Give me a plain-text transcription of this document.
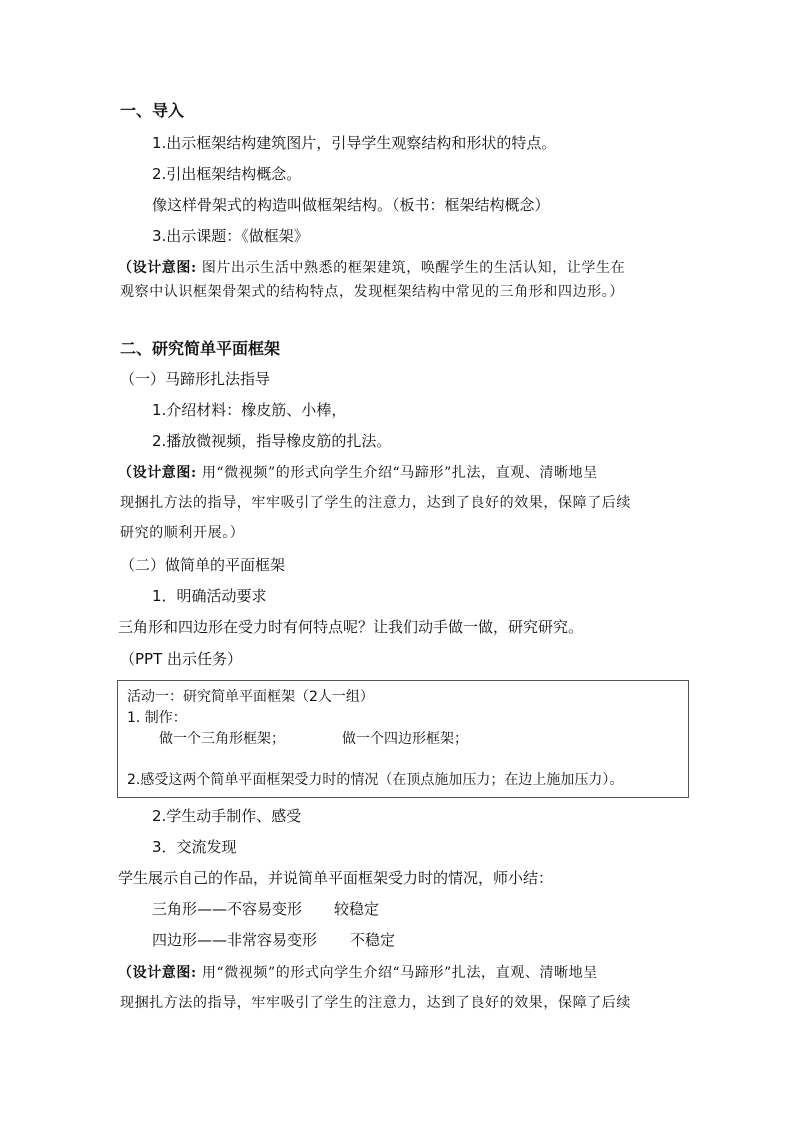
一、导入
1.出示框架结构建筑图片，引导学生观察结构和形状的特点。
2.引出框架结构概念。
像这样骨架式的构造叫做框架结构。（板书：框架结构概念）
3.出示课题：《做框架》
（设计意图: 图片出示生活中熟悉的框架建筑，唤醒学生的生活认知，让学生在
观察中认识框架骨架式的结构特点，发现框架结构中常见的三角形和四边形。）
二、研究简单平面框架
（一）马蹄形扎法指导
1.介绍材料：橡皮筋、小棒，
2.播放微视频，指导橡皮筋的扎法。
（设计意图: 用“微视频”的形式向学生介绍“马蹄形”扎法，直观、清晰地呈
现捆扎方法的指导，牢牢吸引了学生的注意力，达到了良好的效果，保障了后续
研究的顺利开展。）
（二）做简单的平面框架
1．明确活动要求
三角形和四边形在受力时有何特点呢？让我们动手做一做，研究研究。
（PPT 出示任务）
活动一：研究简单平面框架（2人一组）
1. 制作：
做一个三角形框架；	做一个四边形框架；
2.感受这两个简单平面框架受力时的情况（在顶点施加压力；在边上施加压力）。
2.学生动手制作、感受
3．交流发现
学生展示自己的作品，并说简单平面框架受力时的情况，师小结：
三角形——不容易变形 较稳定
四边形——非常容易变形 不稳定
（设计意图: 用“微视频”的形式向学生介绍“马蹄形”扎法，直观、清晰地呈
现捆扎方法的指导，牢牢吸引了学生的注意力，达到了良好的效果，保障了后续
